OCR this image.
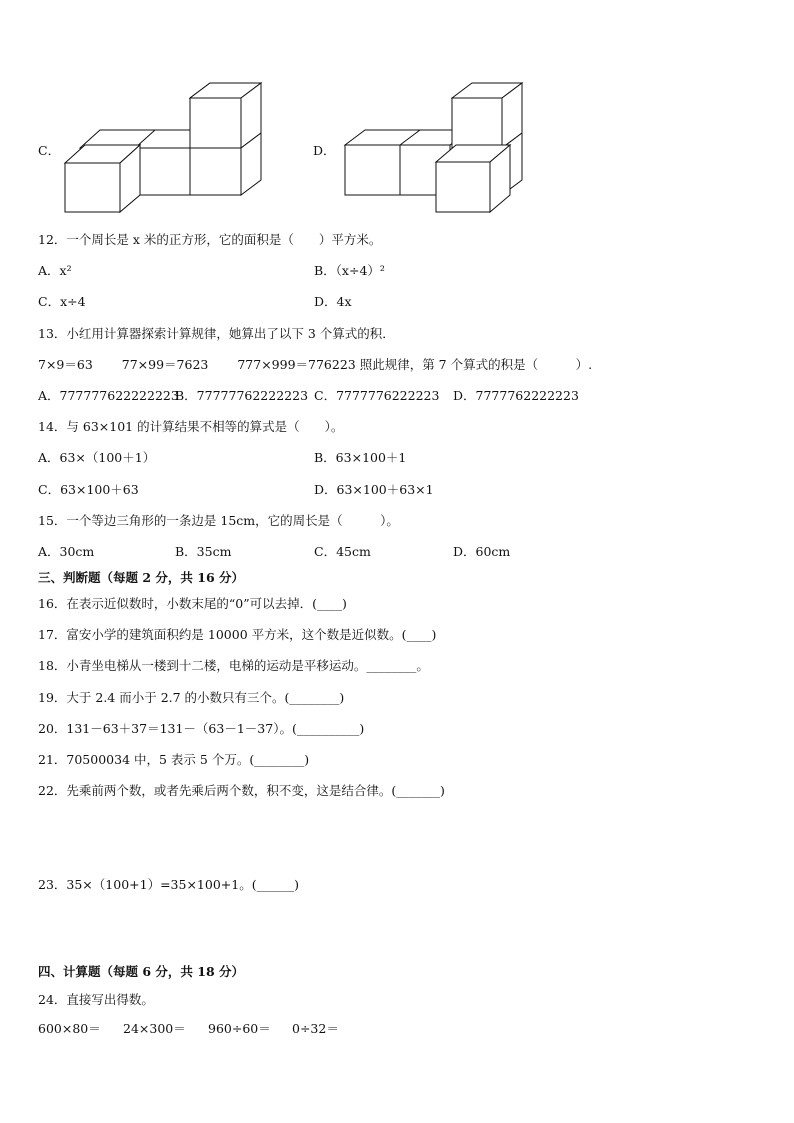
C．	D．
12．一个周长是 x 米的正方形，它的面积是（　　）平方米。
A．x²	B．（x÷4）²
C．x÷4	D．4x
13．小红用计算器探索计算规律，她算出了以下 3 个算式的积．
7×9＝63　　 77×99＝7623　　 777×999＝776223 照此规律，第 7 个算式的积是（　　　）.
A．777777622222223
B．77777762222223 C．7777776222223 D．7777762222223
14．与 63×101 的计算结果不相等的算式是（　　）。
A．63×（100＋1）	B．63×100＋1
C．63×100＋63	D．63×100＋63×1
15．一个等边三角形的一条边是 15cm，它的周长是（　　　）。
A．30cm	B．35cm	C．45cm	D．60cm
三、判断题（每题 2 分，共 16 分）
16．在表示近似数时，小数末尾的“0”可以去掉．(____)
17．富安小学的建筑面积约是 10000 平方米，这个数是近似数。(____)
18．小青坐电梯从一楼到十二楼，电梯的运动是平移运动。________。
19．大于 2.4 而小于 2.7 的小数只有三个。(________)
20．131－63＋37＝131－（63－1－37）。(__________)
21．70500034 中，5 表示 5 个万。(________)
22．先乘前两个数，或者先乘后两个数，积不变，这是结合律。(_______)
23．35×（100+1）=35×100+1。(______)
四、计算题（每题 6 分，共 18 分）
24．直接写出得数。
600×80＝ 24×300＝ 960÷60＝ 0÷32＝
